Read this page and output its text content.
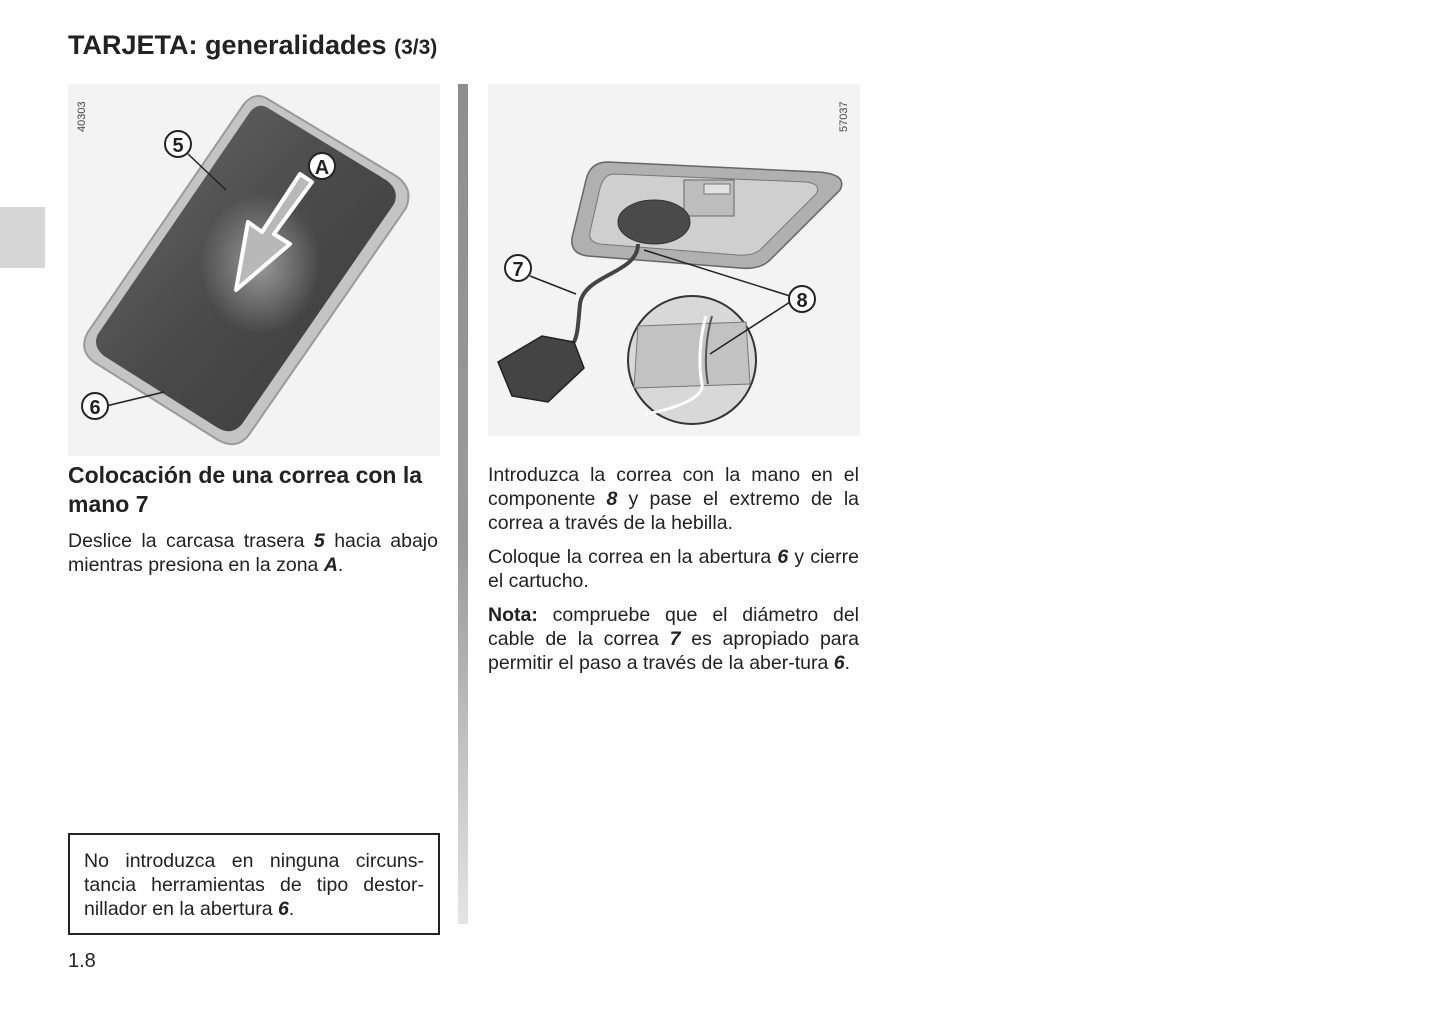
TARJETA: generalidades (3/3)
5
A
6
40303
7
8
57037
Colocación de una correa con la mano 7

Deslice la carcasa trasera 5 hacia abajo mientras presiona en la zona A.

Introduzca la correa con la mano en el componente 8 y pase el extremo de la correa a través de la hebilla.

Coloque la correa en la abertura 6 y cierre el cartucho.

Nota: compruebe que el diámetro del cable de la correa 7 es apropiado para permitir el paso a través de la aber-tura 6.

No introduzca en ninguna circuns-tancia herramientas de tipo destor-nillador en la abertura 6.
1.8
